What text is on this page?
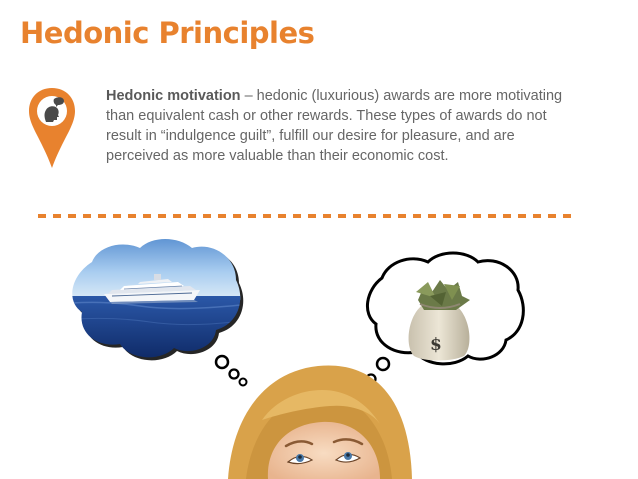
Hedonic Principles
Hedonic motivation – hedonic (luxurious) awards are more motivating than equivalent cash or other rewards. These types of awards do not result in “indulgence guilt”, fulfill our desire for pleasure, and are perceived as more valuable than their economic cost.
$
